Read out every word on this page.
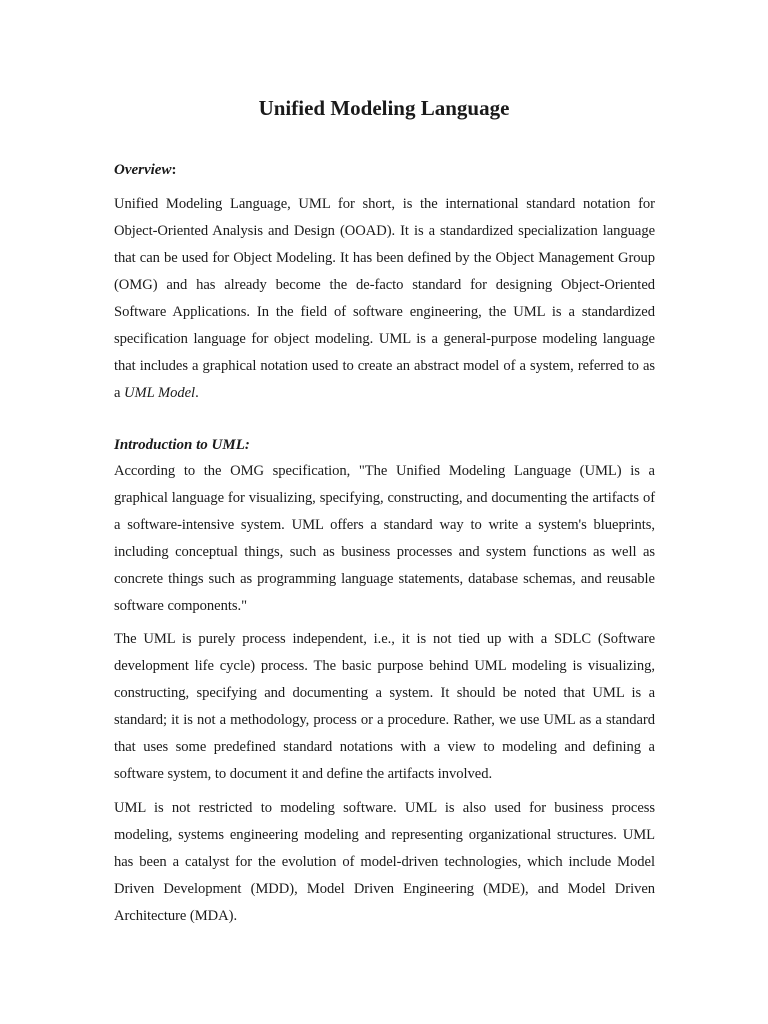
Unified Modeling Language

Overview:

Unified Modeling Language, UML for short, is the international standard notation for Object-Oriented Analysis and Design (OOAD). It is a standardized specialization language that can be used for Object Modeling. It has been defined by the Object Management Group (OMG) and has already become the de-facto standard for designing Object-Oriented Software Applications. In the field of software engineering, the UML is a standardized specification language for object modeling. UML is a general-purpose modeling language that includes a graphical notation used to create an abstract model of a system, referred to as a UML Model.

Introduction to UML:

According to the OMG specification, "The Unified Modeling Language (UML) is a graphical language for visualizing, specifying, constructing, and documenting the artifacts of a software-intensive system. UML offers a standard way to write a system's blueprints, including conceptual things, such as business processes and system functions as well as concrete things such as programming language statements, database schemas, and reusable software components."

The UML is purely process independent, i.e., it is not tied up with a SDLC (Software development life cycle) process. The basic purpose behind UML modeling is visualizing, constructing, specifying and documenting a system. It should be noted that UML is a standard; it is not a methodology, process or a procedure. Rather, we use UML as a standard that uses some predefined standard notations with a view to modeling and defining a software system, to document it and define the artifacts involved.

UML is not restricted to modeling software. UML is also used for business process modeling, systems engineering modeling and representing organizational structures. UML has been a catalyst for the evolution of model-driven technologies, which include Model Driven Development (MDD), Model Driven Engineering (MDE), and Model Driven Architecture (MDA).
